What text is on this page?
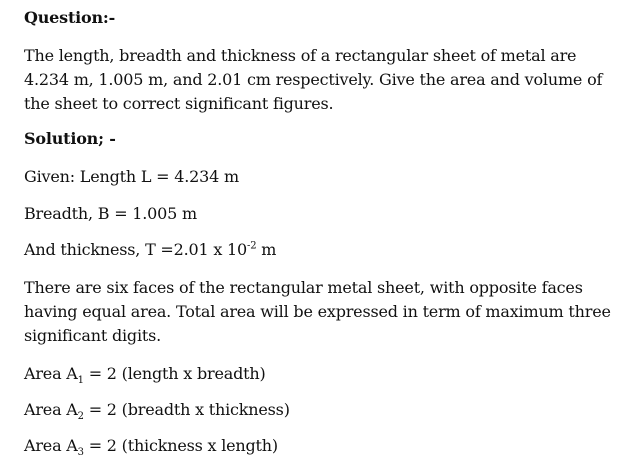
Question:-
The length, breadth and thickness of a rectangular sheet of metal are 4.234 m, 1.005 m, and 2.01 cm respectively. Give the area and volume of the sheet to correct significant figures.
Solution; -
Given: Length L = 4.234 m
Breadth, B = 1.005 m
And thickness, T =2.01 x $10^{-2}$ m
There are six faces of the rectangular metal sheet, with opposite faces having equal area. Total area will be expressed in term of maximum three significant digits.
Area $A_1 = 2$ (length x breadth)
Area $A_2 = 2$ (breadth x thickness)
Area $A_3 = 2$ (thickness x length)
